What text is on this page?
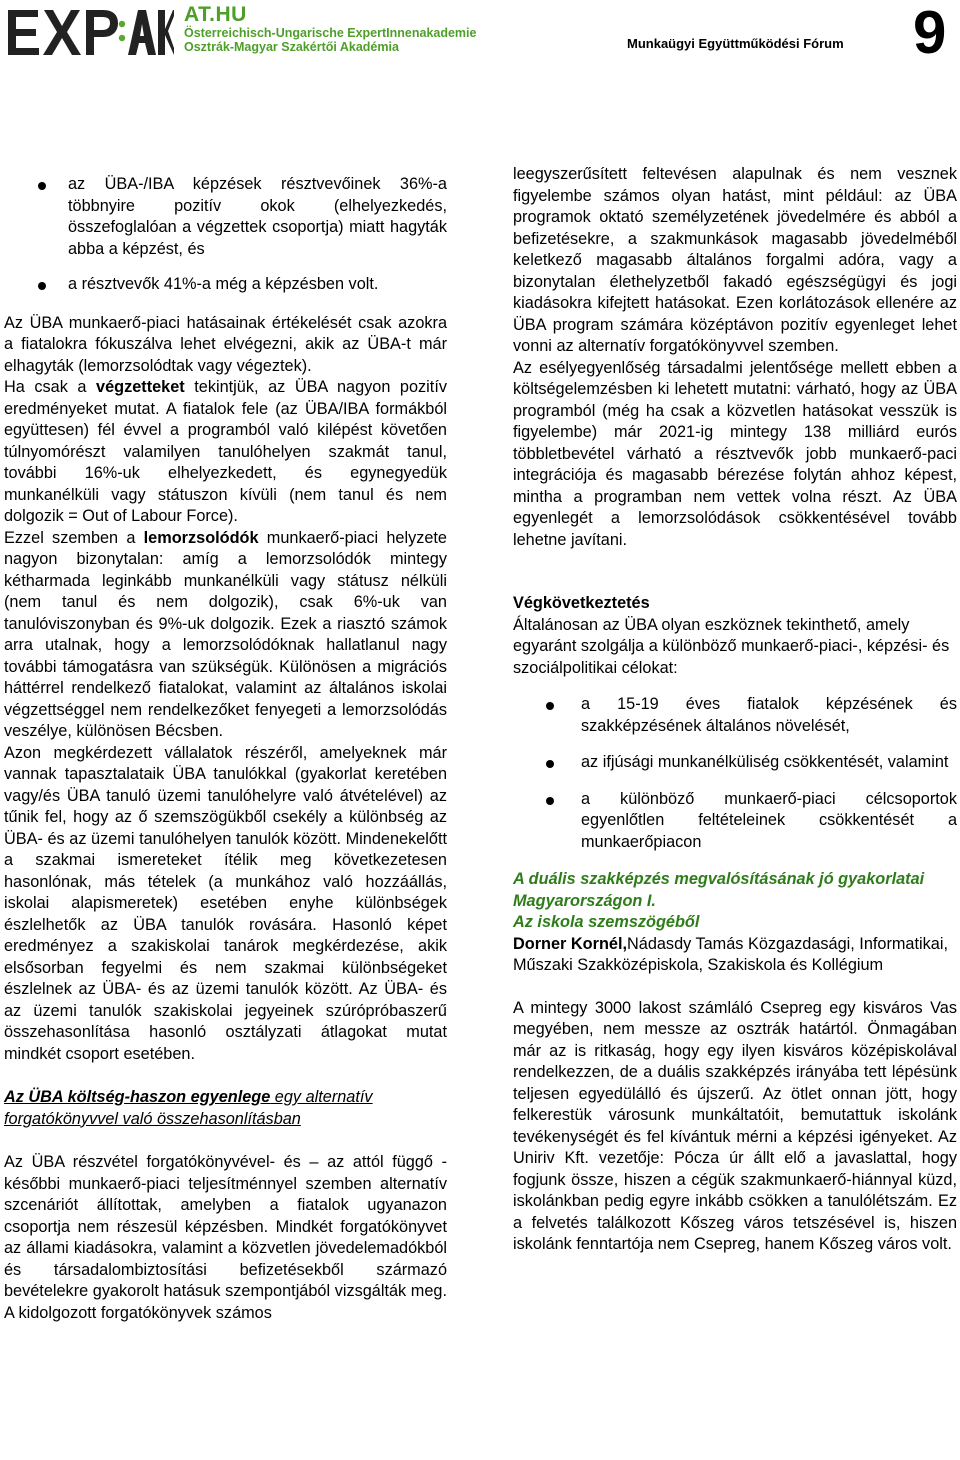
AT.HU
Österreichisch-Ungarische ExpertInnenakademie
Osztrák-Magyar Szakértői Akadémia	Munkaügyi Együttműködési Fórum 9
az ÜBA-/IBA képzések résztvevőinek 36%-a többnyire pozitív okok (elhelyezkedés, összefoglalóan a végzettek csoportja) miatt hagyták abba a képzést, és
a résztvevők 41%-a még a képzésben volt.

Az ÜBA munkaerő-piaci hatásainak értékelését csak azokra a fiatalokra fókuszálva lehet elvégezni, akik az ÜBA-t már elhagyták (lemorzsolódtak vagy végeztek).

Ha csak a végzetteket tekintjük, az ÜBA nagyon pozitív eredményeket mutat. A fiatalok fele (az ÜBA/IBA formákból együttesen) fél évvel a programból való kilépést követően túlnyomórészt valamilyen tanulóhelyen szakmát tanul, további 16%-uk elhelyezkedett, és egynegyedük munkanélküli vagy státuszon kívüli (nem tanul és nem dolgozik = Out of Labour Force).

Ezzel szemben a lemorzsolódók munkaerő-piaci helyzete nagyon bizonytalan: amíg a lemorzsolódók mintegy kétharmada leginkább munkanélküli vagy státusz nélküli (nem tanul és nem dolgozik), csak 6%-uk van tanulóviszonyban és 9%-uk dolgozik. Ezek a riasztó számok arra utalnak, hogy a lemorzsolódóknak hallatlanul nagy további támogatásra van szükségük. Különösen a migrációs háttérrel rendelkező fiatalokat, valamint az általános iskolai végzettséggel nem rendelkezőket fenyegeti a lemorzsolódás veszélye, különösen Bécsben.

Azon megkérdezett vállalatok részéről, amelyeknek már vannak tapasztalataik ÜBA tanulókkal (gyakorlat keretében vagy/és ÜBA tanuló üzemi tanulóhelyre való átvételével) az tűnik fel, hogy az ő szemszögükből csekély a különbség az ÜBA- és az üzemi tanulóhelyen tanulók között. Mindenekelőtt a szakmai ismereteket ítélik meg következetesen hasonlónak, más tételek (a munkához való hozzáállás, iskolai alapismeretek) esetében enyhe különbségek észlelhetők az ÜBA tanulók rovására. Hasonló képet eredményez a szakiskolai tanárok megkérdezése, akik elsősorban fegyelmi és nem szakmai különbségeket észlelnek az ÜBA- és az üzemi tanulók között. Az ÜBA- és az üzemi tanulók szakiskolai jegyeinek szúrópróbaszerű összehasonlítása hasonló osztályzati átlagokat mutat mindkét csoport esetében.

Az ÜBA költség-haszon egyenlege egy alternatív forgatókönyvvel való összehasonlításban

Az ÜBA részvétel forgatókönyvével- és – az attól függő - későbbi munkaerő-piaci teljesítménnyel szemben alternatív szcenáriót állítottak, amelyben a fiatalok ugyanazon csoportja nem részesül képzésben. Mindkét forgatókönyvet az állami kiadásokra, valamint a közvetlen jövedelemadókból és társadalombiztosítási befizetésekből származó bevételekre gyakorolt hatásuk szempontjából vizsgálták meg. A kidolgozott forgatókönyvek számos

leegyszerűsített feltevésen alapulnak és nem vesznek figyelembe számos olyan hatást, mint például: az ÜBA programok oktató személyzetének jövedelmére és abból a befizetésekre, a szakmunkások magasabb jövedelméből keletkező magasabb általános forgalmi adóra, vagy a bizonytalan élethelyzetből fakadó egészségügyi és jogi kiadásokra kifejtett hatásokat. Ezen korlátozások ellenére az ÜBA program számára középtávon pozitív egyenleget lehet vonni az alternatív forgatókönyvvel szemben.

Az esélyegyenlőség társadalmi jelentősége mellett ebben a költségelemzésben ki lehetett mutatni: várható, hogy az ÜBA programból (még ha csak a közvetlen hatásokat vesszük is figyelembe) már 2021-ig mintegy 138 milliárd eurós többletbevétel várható a résztvevők jobb munkaerő-paci integrációja és magasabb bérezése folytán ahhoz képest, mintha a programban nem vettek volna részt. Az ÜBA egyenlegét a lemorzsolódások csökkentésével tovább lehetne javítani.

Végkövetkeztetés

Általánosan az ÜBA olyan eszköznek tekinthető, amely egyaránt szolgálja a különböző munkaerő-piaci-, képzési- és szociálpolitikai célokat:

a 15-19 éves fiatalok képzésének és szakképzésének általános növelését,
az ifjúsági munkanélküliség csökkentését, valamint
a különböző munkaerő-piaci célcsoportok egyenlőtlen feltételeinek csökkentését a munkaerőpiacon

A duális szakképzés megvalósításának jó gyakorlatai Magyarországon I.

Az iskola szemszögéből

Dorner Kornél,Nádasdy Tamás Közgazdasági, Informatikai, Műszaki Szakközépiskola, Szakiskola és Kollégium

A mintegy 3000 lakost számláló Csepreg egy kisváros Vas megyében, nem messze az osztrák határtól. Önmagában már az is ritkaság, hogy egy ilyen kisváros középiskolával rendelkezzen, de a duális szakképzés irányába tett lépésünk teljesen egyedülálló és újszerű. Az ötlet onnan jött, hogy felkerestük városunk munkáltatóit, bemutattuk iskolánk tevékenységét és fel kívántuk mérni a képzési igényeket. Az Uniriv Kft. vezetője: Pócza úr állt elő a javaslattal, hogy fogjunk össze, hiszen a cégük szakmunkaerő-hiánnyal küzd, iskolánkban pedig egyre inkább csökken a tanulólétszám. Ez a felvetés találkozott Kőszeg város tetszésével is, hiszen iskolánk fenntartója nem Csepreg, hanem Kőszeg város volt.
